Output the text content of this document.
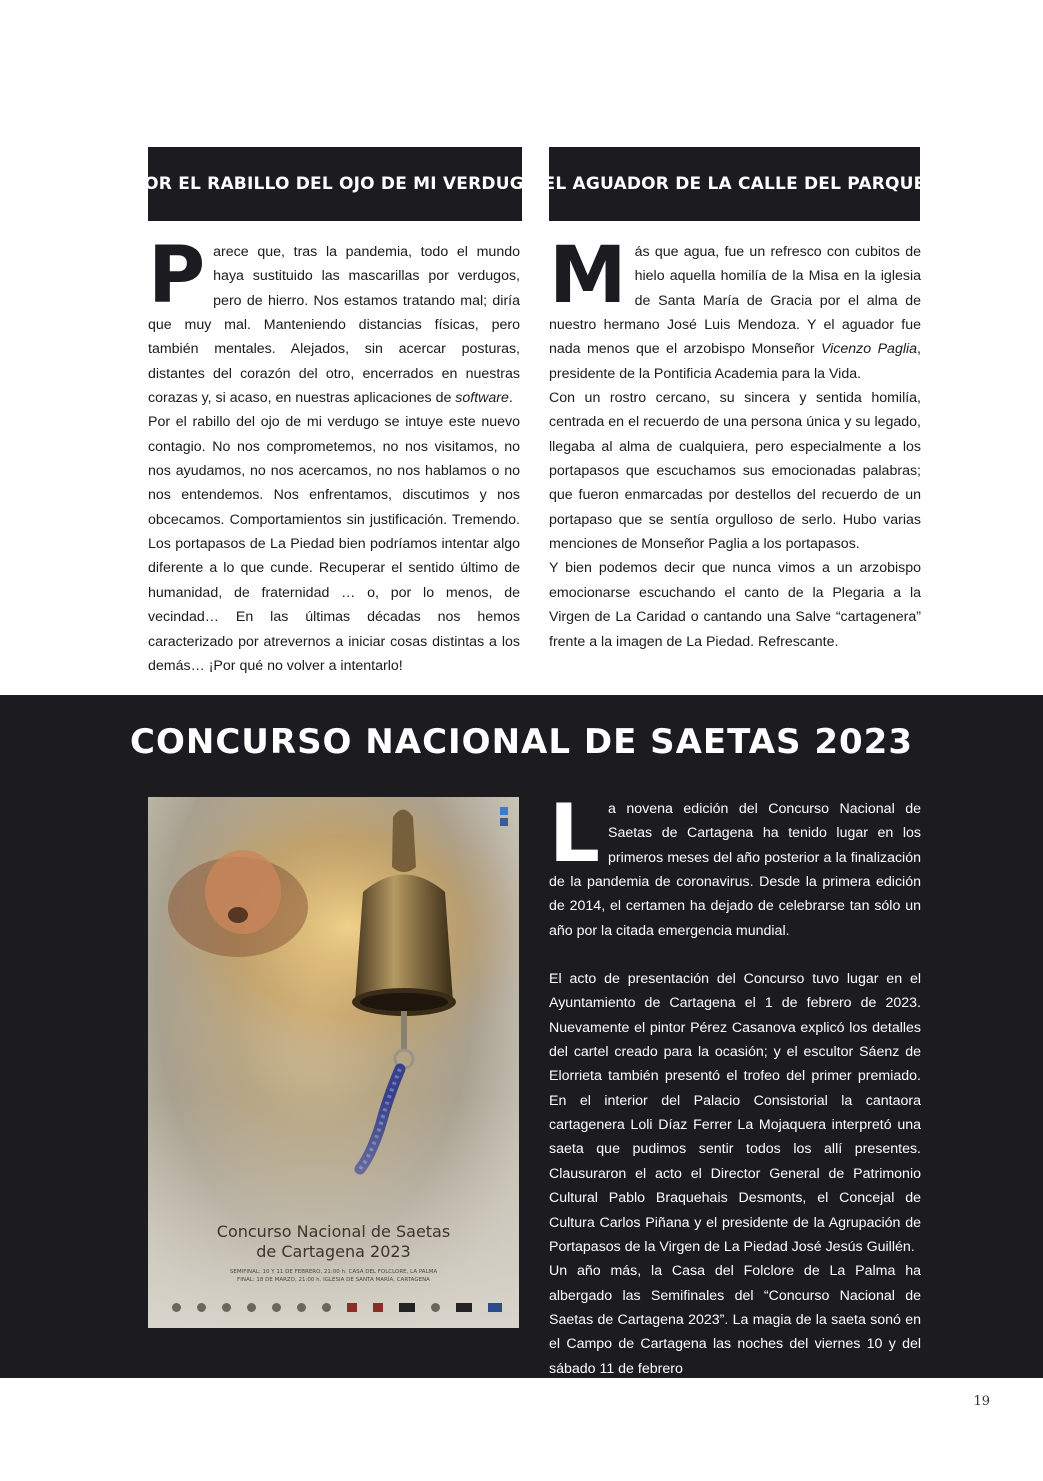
POR EL RABILLO DEL OJO DE MI VERDUGO EL AGUADOR DE LA CALLE DEL PARQUE
P arece que, tras la pandemia, todo el mundo haya sustituido las mascarillas por verdugos, pero de hierro. Nos estamos tratando mal; diría que muy mal. Manteniendo distancias físicas, pero también mentales. Alejados, sin acercar posturas, distantes del corazón del otro, encerrados en nuestras corazas y, si acaso, en nuestras aplicaciones de software.

Por el rabillo del ojo de mi verdugo se intuye este nuevo contagio. No nos comprometemos, no nos visitamos, no nos ayudamos, no nos acercamos, no nos hablamos o no nos entendemos. Nos enfrentamos, discutimos y nos obcecamos. Comportamientos sin justificación. Tremendo. Los portapasos de La Piedad bien podríamos intentar algo diferente a lo que cunde. Recuperar el sentido último de humanidad, de fraternidad … o, por lo menos, de vecindad… En las últimas décadas nos hemos caracterizado por atrevernos a iniciar cosas distintas a los demás… ¡Por qué no volver a intentarlo!

M ás que agua, fue un refresco con cubitos de hielo aquella homilía de la Misa en la iglesia de Santa María de Gracia por el alma de nuestro hermano José Luis Mendoza. Y el aguador fue nada menos que el arzobispo Monseñor Vicenzo Paglia, presidente de la Pontificia Academia para la Vida.

Con un rostro cercano, su sincera y sentida homilía, centrada en el recuerdo de una persona única y su legado, llegaba al alma de cualquiera, pero especialmente a los portapasos que escuchamos sus emocionadas palabras; que fueron enmarcadas por destellos del recuerdo de un portapaso que se sentía orgulloso de serlo. Hubo varias menciones de Monseñor Paglia a los portapasos.

Y bien podemos decir que nunca vimos a un arzobispo emocionarse escuchando el canto de la Plegaria a la Virgen de La Caridad o cantando una Salve “cartagenera” frente a la imagen de La Piedad. Refrescante.

CONCURSO NACIONAL DE SAETAS 2023
Concurso Nacional de Saetas
de Cartagena 2023
SEMIFINAL: 10 Y 11 DE FEBRERO, 21:00 h. CASA DEL FOLCLORE, LA PALMA
FINAL: 18 DE MARZO, 21:00 h. IGLESIA DE SANTA MARÍA, CARTAGENA
L a novena edición del Concurso Nacional de Saetas de Cartagena ha tenido lugar en los primeros meses del año posterior a la finalización de la pandemia de coronavirus. Desde la primera edición de 2014, el certamen ha dejado de celebrarse tan sólo un año por la citada emergencia mundial.

El acto de presentación del Concurso tuvo lugar en el Ayuntamiento de Cartagena el 1 de febrero de 2023. Nuevamente el pintor Pérez Casanova explicó los detalles del cartel creado para la ocasión; y el escultor Sáenz de Elorrieta también presentó el trofeo del primer premiado. En el interior del Palacio Consistorial la cantaora cartagenera Loli Díaz Ferrer La Mojaquera interpretó una saeta que pudimos sentir todos los allí presentes. Clausuraron el acto el Director General de Patrimonio Cultural Pablo Braquehais Desmonts, el Concejal de Cultura Carlos Piñana y el presidente de la Agrupación de Portapasos de la Virgen de La Piedad José Jesús Guillén.

Un año más, la Casa del Folclore de La Palma ha albergado las Semifinales del “Concurso Nacional de Saetas de Cartagena 2023”. La magia de la saeta sonó en el Campo de Cartagena las noches del viernes 10 y del sábado 11 de febrero

19
